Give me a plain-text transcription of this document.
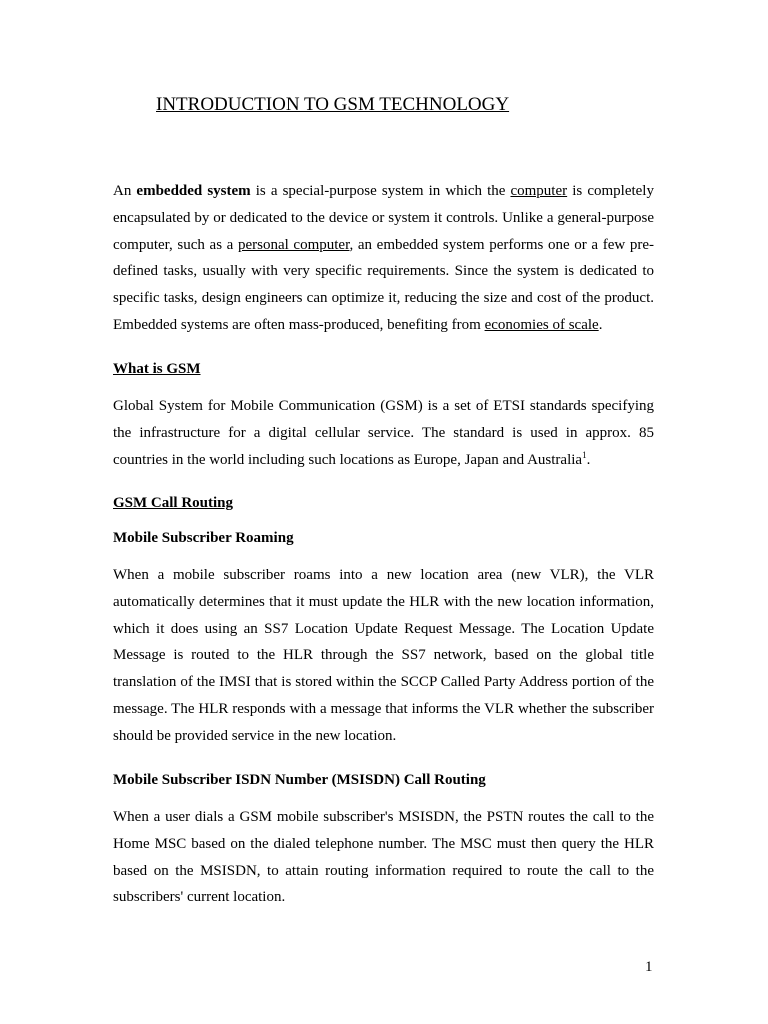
INTRODUCTION TO GSM TECHNOLOGY

An embedded system is a special-purpose system in which the computer is completely encapsulated by or dedicated to the device or system it controls. Unlike a general-purpose computer, such as a personal computer, an embedded system performs one or a few pre-defined tasks, usually with very specific requirements. Since the system is dedicated to specific tasks, design engineers can optimize it, reducing the size and cost of the product. Embedded systems are often mass-produced, benefiting from economies of scale.

What is GSM

Global System for Mobile Communication (GSM) is a set of ETSI standards specifying the infrastructure for a digital cellular service. The standard is used in approx. 85 countries in the world including such locations as Europe, Japan and Australia$^1$.

GSM Call Routing
Mobile Subscriber Roaming

When a mobile subscriber roams into a new location area (new VLR), the VLR automatically determines that it must update the HLR with the new location information, which it does using an SS7 Location Update Request Message. The Location Update Message is routed to the HLR through the SS7 network, based on the global title translation of the IMSI that is stored within the SCCP Called Party Address portion of the message. The HLR responds with a message that informs the VLR whether the subscriber should be provided service in the new location.

Mobile Subscriber ISDN Number (MSISDN) Call Routing

When a user dials a GSM mobile subscriber's MSISDN, the PSTN routes the call to the Home MSC based on the dialed telephone number. The MSC must then query the HLR based on the MSISDN, to attain routing information required to route the call to the subscribers' current location.

1
